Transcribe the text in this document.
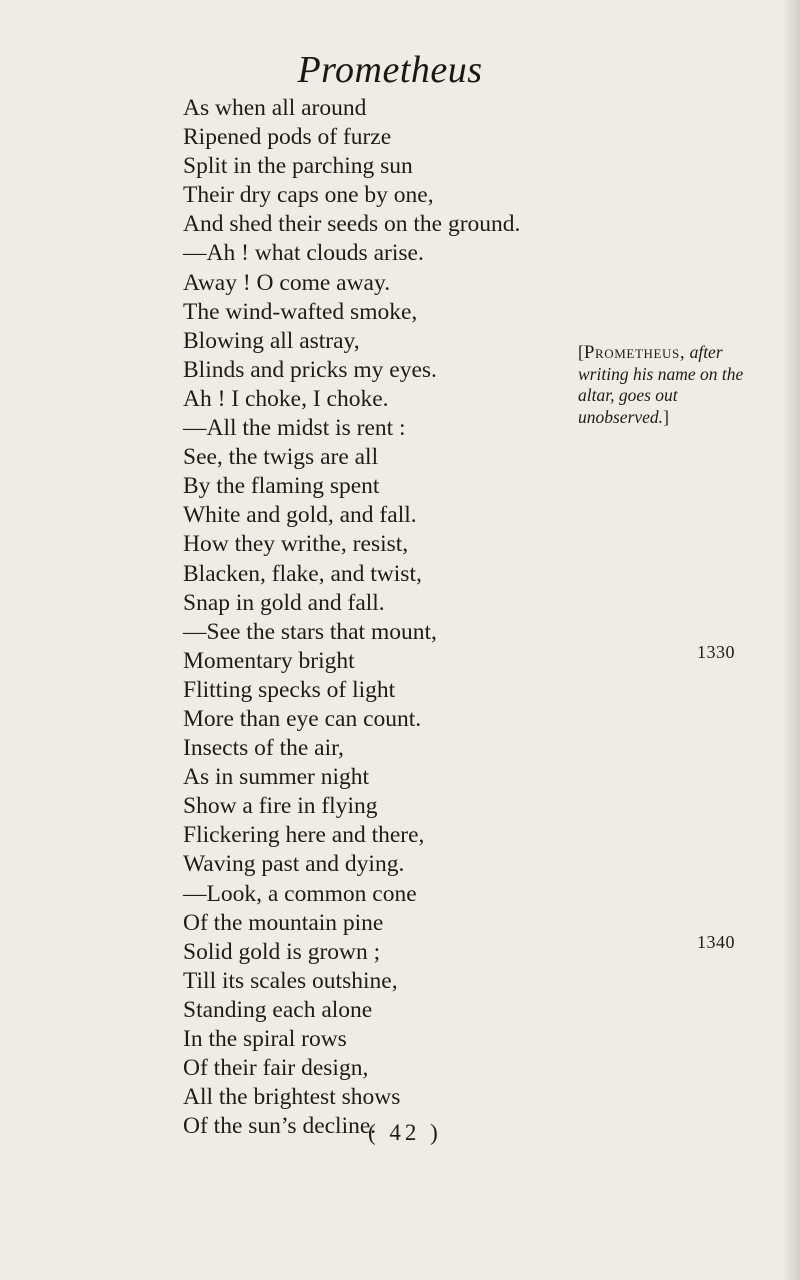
Prometheus
As when all around
Ripened pods of furze
Split in the parching sun
Their dry caps one by one,
And shed their seeds on the ground.
—Ah ! what clouds arise.
Away ! O come away.
The wind-wafted smoke,
Blowing all astray,
Blinds and pricks my eyes.
Ah ! I choke, I choke.
—All the midst is rent :
See, the twigs are all
By the flaming spent
White and gold, and fall.
How they writhe, resist,
Blacken, flake, and twist,
Snap in gold and fall.
—See the stars that mount,
Momentary bright
Flitting specks of light
More than eye can count.
Insects of the air,
As in summer night
Show a fire in flying
Flickering here and there,
Waving past and dying.
—Look, a common cone
Of the mountain pine
Solid gold is grown ;
Till its scales outshine,
Standing each alone
In the spiral rows
Of their fair design,
All the brightest shows
Of the sun’s decline.
[Prometheus, after writing his name on the altar, goes out unobserved.]
1330
1340
( 42 )
